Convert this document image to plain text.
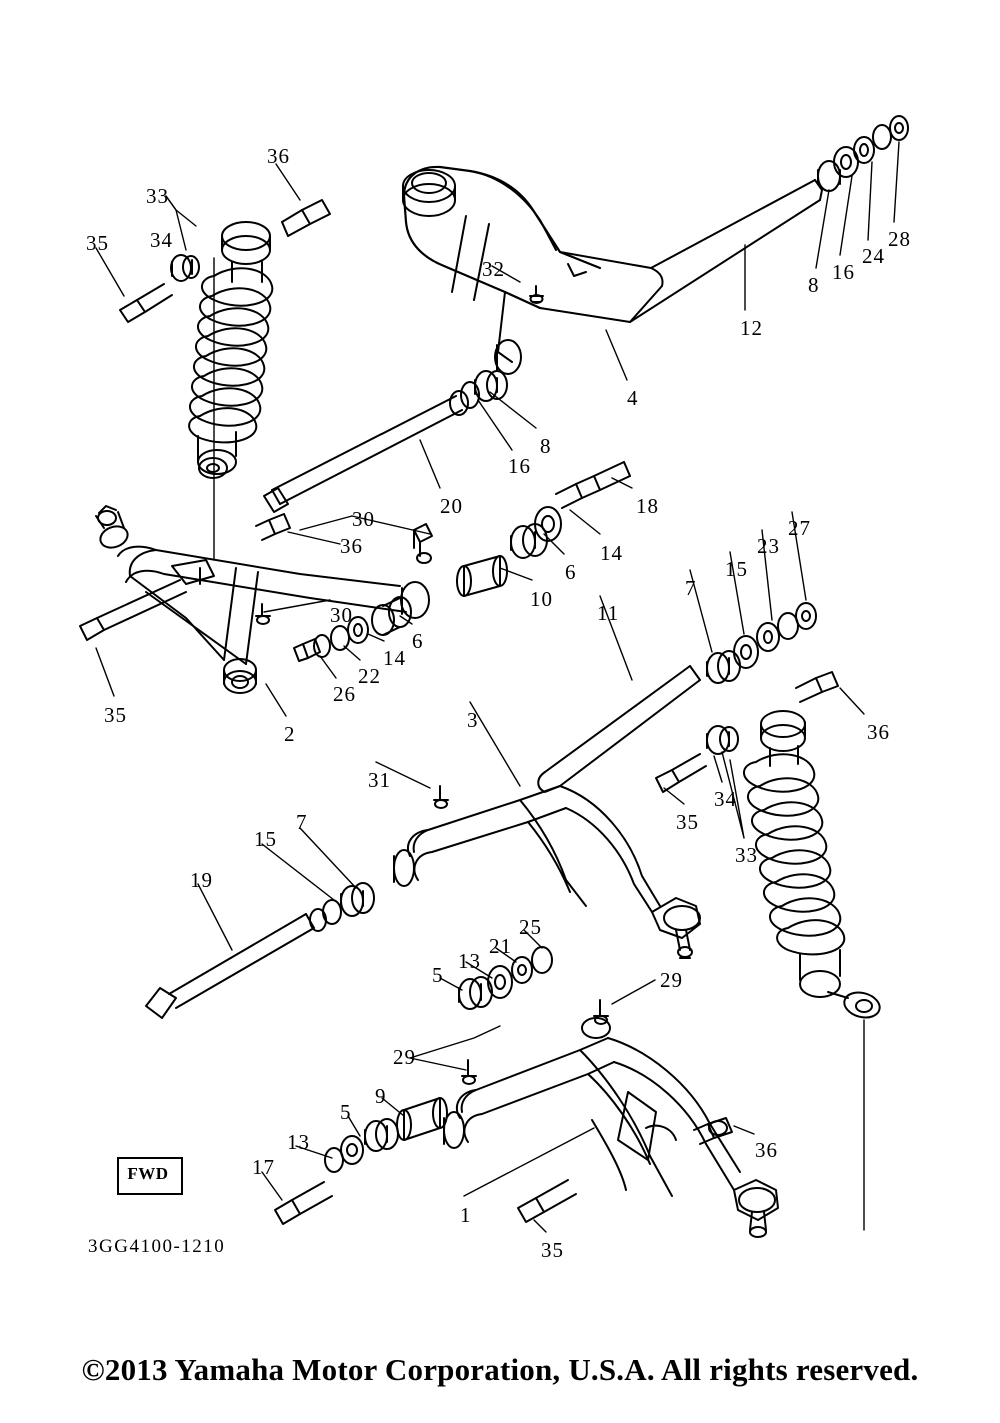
36
33
34
35
32
28
24
16
8
12
4
8
16
20	18
14
6
10
30
36
30
6
14
22
26
35
2
27
23
15
7
11
36
3
31
34
35
33
15
7
19
25
21
13
5	29
29
9
5
13
17
36
1
35
FWD
3GG4100-1210
©2013 Yamaha Motor Corporation, U.S.A. All rights reserved.
